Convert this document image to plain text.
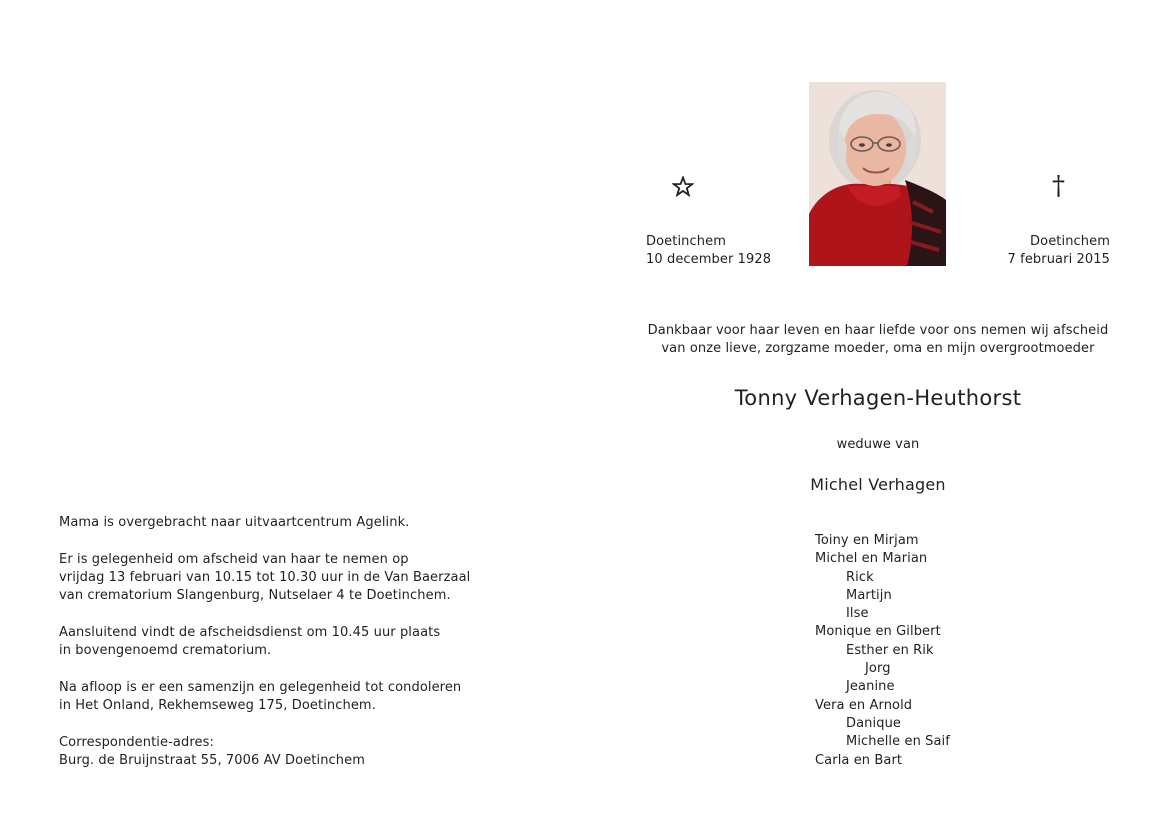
Mama is overgebracht naar uitvaartcentrum Agelink.

Er is gelegenheid om afscheid van haar te nemen op
vrijdag 13 februari van 10.15 tot 10.30 uur in de Van Baerzaal
van crematorium Slangenburg, Nutselaer 4 te Doetinchem.

Aansluitend vindt de afscheidsdienst om 10.45 uur plaats
in bovengenoemd crematorium.

Na afloop is er een samenzijn en gelegenheid tot condoleren
in Het Onland, Rekhemseweg 175, Doetinchem.

Correspondentie-adres:
Burg. de Bruijnstraat 55, 7006 AV Doetinchem

†
Doetinchem
10 december 1928
Doetinchem
7 februari 2015
Dankbaar voor haar leven en haar liefde voor ons nemen wij afscheid
van onze lieve, zorgzame moeder, oma en mijn overgrootmoeder
Tonny Verhagen-Heuthorst
weduwe van
Michel Verhagen
Toiny en Mirjam
Michel en Marian
Rick
Martijn
Ilse
Monique en Gilbert
Esther en Rik
Jorg
Jeanine
Vera en Arnold
Danique
Michelle en Saif
Carla en Bart
